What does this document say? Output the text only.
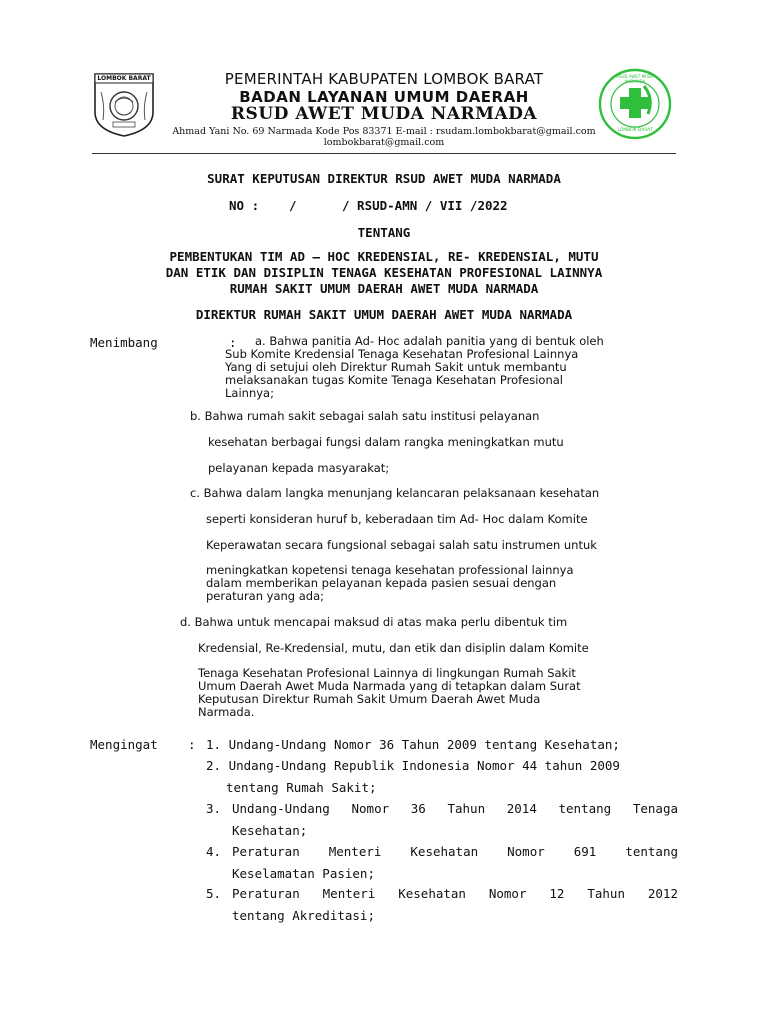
LOMBOK BARAT	PEMERINTAH KABUPATEN LOMBOK BARAT
BADAN LAYANAN UMUM DAERAH
RSUD AWET MUDA NARMADA
Ahmad Yani No. 69 Narmada Kode Pos 83371 E-mail : rsudam.lombokbarat@gmail.com
lombokbarat@gmail.com
RSUD AWET MUDA NARMADA
LOMBOK BARAT
SURAT KEPUTUSAN DIREKTUR RSUD AWET MUDA NARMADA
NO : /	/ RSUD-AMN / VII /2022
TENTANG
PEMBENTUKAN TIM AD – HOC KREDENSIAL, RE- KREDENSIAL, MUTU
DAN ETIK DAN DISIPLIN TENAGA KESEHATAN PROFESIONAL LAINNYA
RUMAH SAKIT UMUM DAERAH AWET MUDA NARMADA
DIREKTUR RUMAH SAKIT UMUM DAERAH AWET MUDA NARMADA
Menimbang	:	a. Bahwa panitia Ad- Hoc adalah panitia yang di bentuk oleh
Sub Komite Kredensial Tenaga Kesehatan Profesional Lainnya
Yang di setujui oleh Direktur Rumah Sakit untuk membantu
melaksanakan tugas Komite Tenaga Kesehatan Profesional
Lainnya;
b. Bahwa rumah sakit sebagai salah satu institusi pelayanan
kesehatan berbagai fungsi dalam rangka meningkatkan mutu
pelayanan kepada masyarakat;
c. Bahwa dalam langka menunjang kelancaran pelaksanaan kesehatan
seperti konsideran huruf b, keberadaan tim Ad- Hoc dalam Komite
Keperawatan secara fungsional sebagai salah satu instrumen untuk
meningkatkan kopetensi tenaga kesehatan professional lainnya
dalam memberikan pelayanan kepada pasien sesuai dengan
peraturan yang ada;
d. Bahwa untuk mencapai maksud di atas maka perlu dibentuk tim
Kredensial, Re-Kredensial, mutu, dan etik dan disiplin dalam Komite
Tenaga Kesehatan Profesional Lainnya di lingkungan Rumah Sakit
Umum Daerah Awet Muda Narmada yang di tetapkan dalam Surat
Keputusan Direktur Rumah Sakit Umum Daerah Awet Muda
Narmada.
Mengingat : 1. Undang-Undang Nomor 36 Tahun 2009 tentang Kesehatan;
2. Undang-Undang Republik Indonesia Nomor 44 tahun 2009
tentang Rumah Sakit;
3. Undang-Undang Nomor 36 Tahun 2014 tentang Tenaga
Kesehatan;
4. Peraturan Menteri Kesehatan Nomor 691 tentang
Keselamatan Pasien;
5. Peraturan Menteri Kesehatan Nomor 12 Tahun 2012
tentang Akreditasi;
